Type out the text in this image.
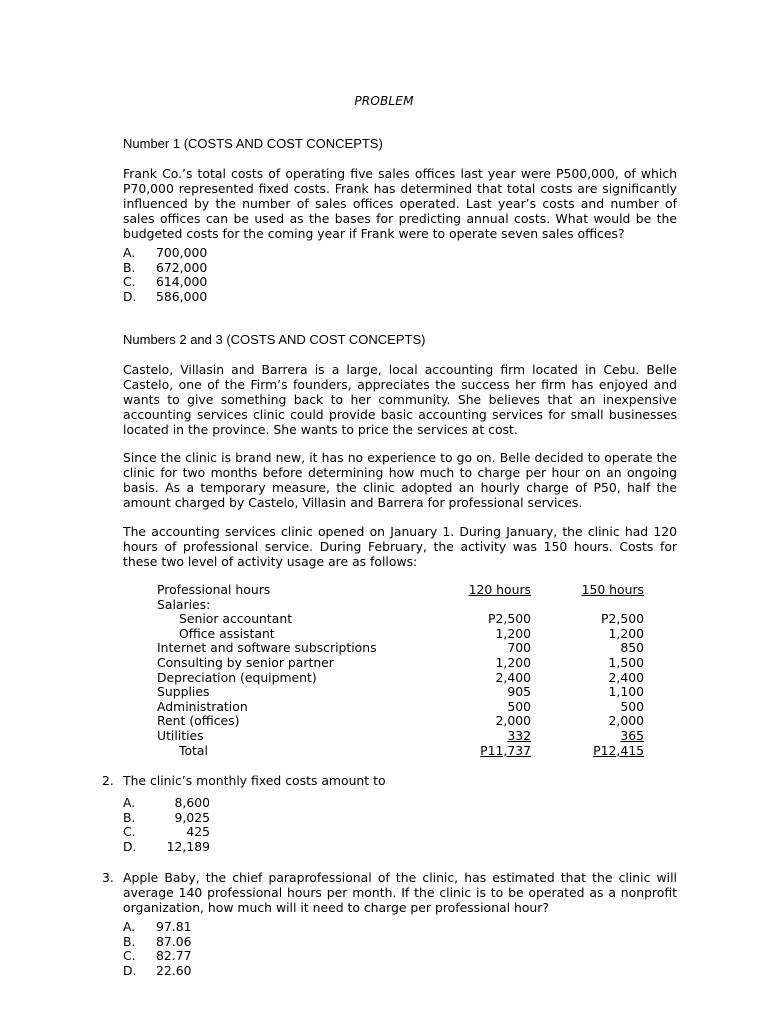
PROBLEM
Number 1 (COSTS AND COST CONCEPTS)
Frank Co.’s total costs of operating five sales offices last year were P500,000, of which P70,000 represented fixed costs. Frank has determined that total costs are significantly influenced by the number of sales offices operated. Last year’s costs and number of sales offices can be used as the bases for predicting annual costs. What would be the budgeted costs for the coming year if Frank were to operate seven sales offices?
A.	700,000
B.	672,000
C.	614,000
D.	586,000
Numbers 2 and 3 (COSTS AND COST CONCEPTS)
Castelo, Villasin and Barrera is a large, local accounting firm located in Cebu. Belle Castelo, one of the Firm’s founders, appreciates the success her firm has enjoyed and wants to give something back to her community. She believes that an inexpensive accounting services clinic could provide basic accounting services for small businesses located in the province. She wants to price the services at cost.
Since the clinic is brand new, it has no experience to go on. Belle decided to operate the clinic for two months before determining how much to charge per hour on an ongoing basis. As a temporary measure, the clinic adopted an hourly charge of P50, half the amount charged by Castelo, Villasin and Barrera for professional services.
The accounting services clinic opened on January 1. During January, the clinic had 120 hours of professional service. During February, the activity was 150 hours. Costs for these two level of activity usage are as follows:
Professional hours	120 hours	150 hours
Salaries:
Senior accountant	P2,500	P2,500
Office assistant	1,200	1,200
Internet and software subscriptions	700	850
Consulting by senior partner	1,200	1,500
Depreciation (equipment)	2,400	2,400
Supplies	905	1,100
Administration	500	500
Rent (offices)	2,000	2,000
Utilities	332	365
Total	P11,737	P12,415
2. The clinic’s monthly fixed costs amount to
A.	8,600
B.	9,025
C.	425
D.	12,189
3. Apple Baby, the chief paraprofessional of the clinic, has estimated that the clinic will average 140 professional hours per month. If the clinic is to be operated as a nonprofit organization, how much will it need to charge per professional hour?
A.	97.81
B.	87.06
C.	82.77
D.	22.60
